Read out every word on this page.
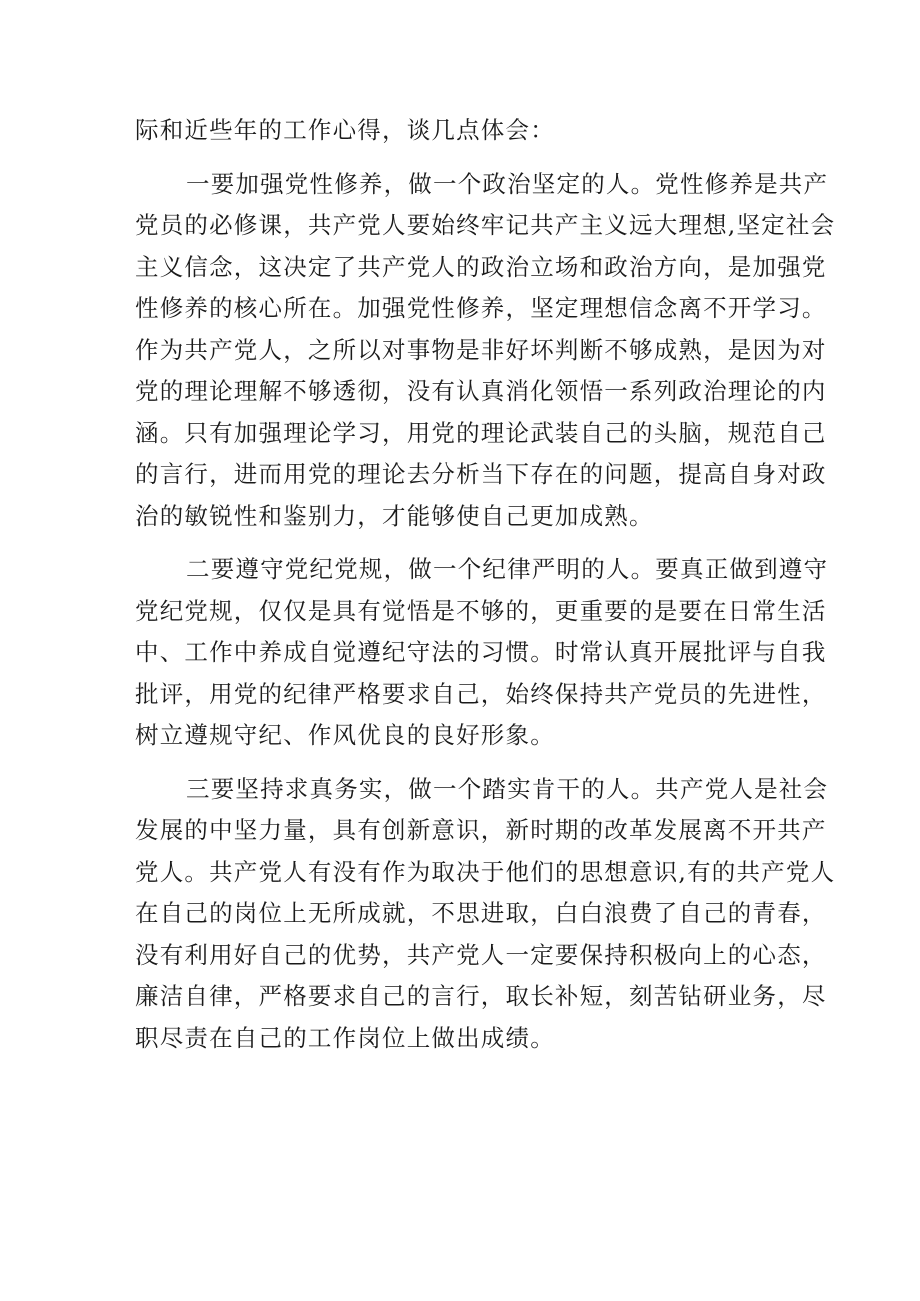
际和近些年的工作心得，谈几点体会：
一要加强党性修养，做一个政治坚定的人。党性修养是共产
党员的必修课，共产党人要始终牢记共产主义远大理想,坚定社会
主义信念，这决定了共产党人的政治立场和政治方向，是加强党
性修养的核心所在。加强党性修养，坚定理想信念离不开学习。
作为共产党人，之所以对事物是非好坏判断不够成熟，是因为对
党的理论理解不够透彻，没有认真消化领悟一系列政治理论的内
涵。只有加强理论学习，用党的理论武装自己的头脑，规范自己
的言行，进而用党的理论去分析当下存在的问题，提高自身对政
治的敏锐性和鉴别力，才能够使自己更加成熟。
二要遵守党纪党规，做一个纪律严明的人。要真正做到遵守
党纪党规，仅仅是具有觉悟是不够的，更重要的是要在日常生活
中、工作中养成自觉遵纪守法的习惯。时常认真开展批评与自我
批评，用党的纪律严格要求自己，始终保持共产党员的先进性，
树立遵规守纪、作风优良的良好形象。
三要坚持求真务实，做一个踏实肯干的人。共产党人是社会
发展的中坚力量，具有创新意识，新时期的改革发展离不开共产
党人。共产党人有没有作为取决于他们的思想意识,有的共产党人
在自己的岗位上无所成就，不思进取，白白浪费了自己的青春，
没有利用好自己的优势，共产党人一定要保持积极向上的心态，
廉洁自律，严格要求自己的言行，取长补短，刻苦钻研业务，尽
职尽责在自己的工作岗位上做出成绩。
